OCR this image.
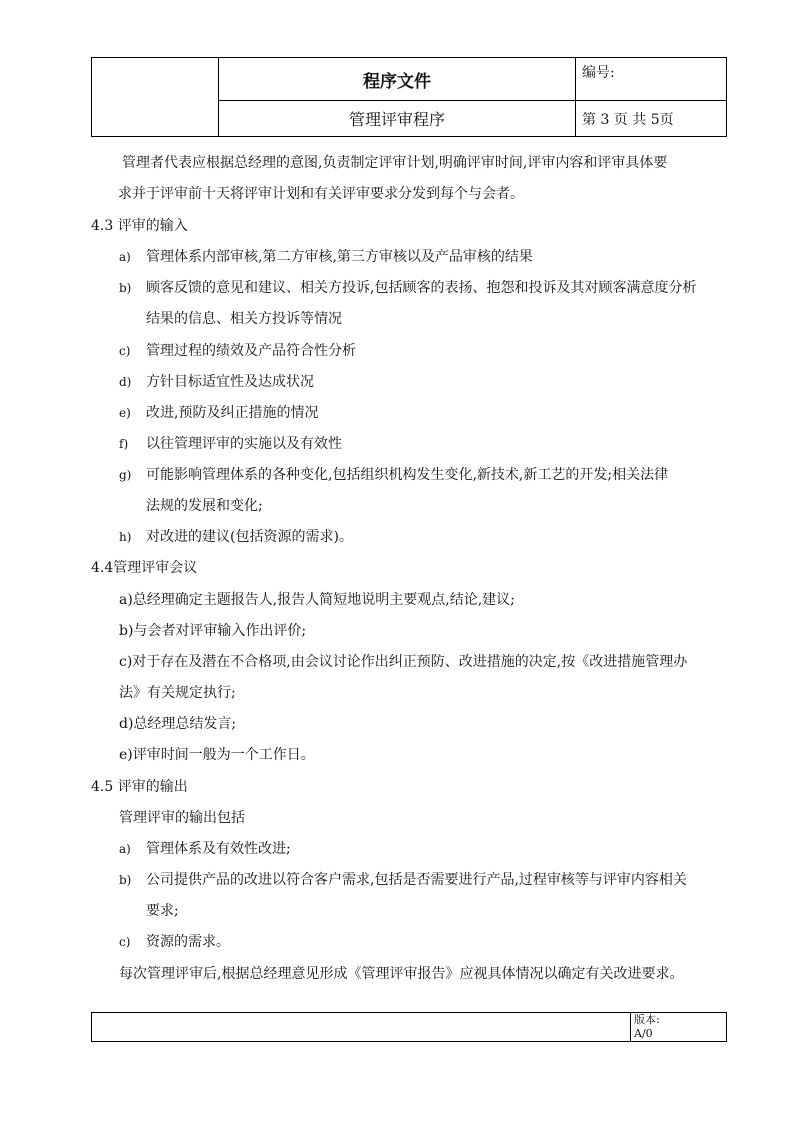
	程序文件	编号:
	管理评审程序	第 3 页 共 5页
管理者代表应根据总经理的意图,负责制定评审计划,明确评审时间,评审内容和评审具体要
求并于评审前十天将评审计划和有关评审要求分发到每个与会者。
4.3 评审的输入
a) 管理体系内部审核,第二方审核,第三方审核以及产品审核的结果
b) 顾客反馈的意见和建议、相关方投诉,包括顾客的表扬、抱怨和投诉及其对顾客满意度分析
结果的信息、相关方投诉等情况
c) 管理过程的绩效及产品符合性分析
d) 方针目标适宜性及达成状况
e) 改进,预防及纠正措施的情况
f) 以往管理评审的实施以及有效性
g) 可能影响管理体系的各种变化,包括组织机构发生变化,新技术,新工艺的开发;相关法律
法规的发展和变化;
h) 对改进的建议(包括资源的需求)。
4.4管理评审会议
a)总经理确定主题报告人,报告人简短地说明主要观点,结论,建议;
b)与会者对评审输入作出评价;
c)对于存在及潜在不合格项,由会议讨论作出纠正预防、改进措施的决定,按《改进措施管理办
法》有关规定执行;
d)总经理总结发言;
e)评审时间一般为一个工作日。
4.5 评审的输出
管理评审的输出包括
a) 管理体系及有效性改进;
b) 公司提供产品的改进以符合客户需求,包括是否需要进行产品,过程审核等与评审内容相关
要求;
c) 资源的需求。
每次管理评审后,根据总经理意见形成《管理评审报告》应视具体情况以确定有关改进要求。

版本:
A/0
